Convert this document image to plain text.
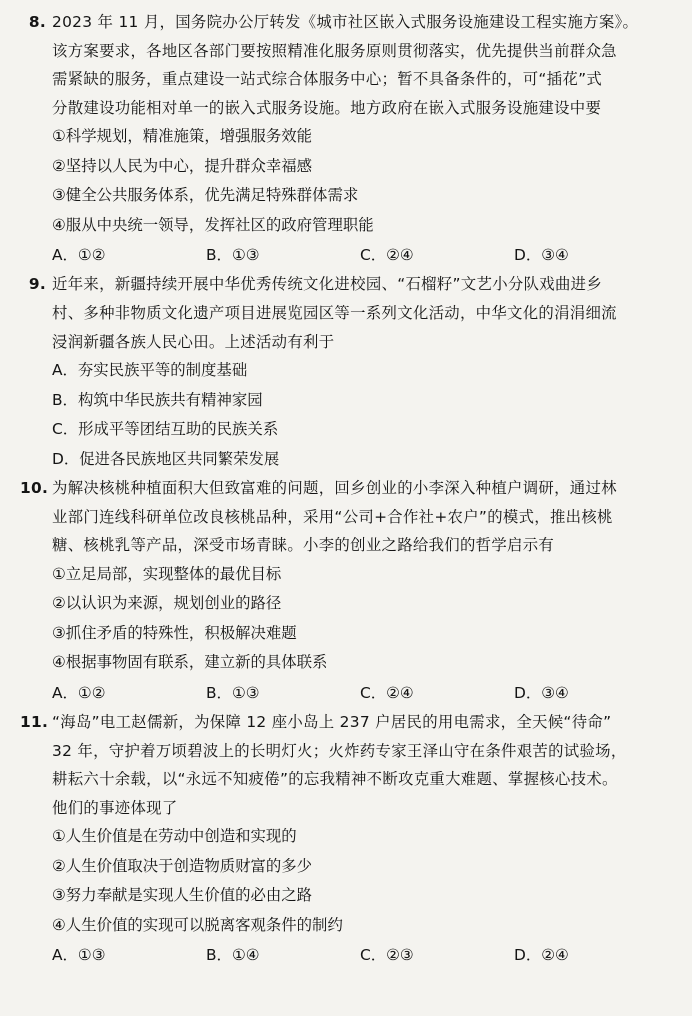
8. 2023 年 11 月，国务院办公厅转发《城市社区嵌入式服务设施建设工程实施方案》。
该方案要求，各地区各部门要按照精准化服务原则贯彻落实，优先提供当前群众急
需紧缺的服务，重点建设一站式综合体服务中心；暂不具备条件的，可“插花”式
分散建设功能相对单一的嵌入式服务设施。地方政府在嵌入式服务设施建设中要
①科学规划，精准施策，增强服务效能
②坚持以人民为中心，提升群众幸福感
③健全公共服务体系，优先满足特殊群体需求
④服从中央统一领导，发挥社区的政府管理职能
A．①②	B．①③	C．②④	D．③④
9. 近年来，新疆持续开展中华优秀传统文化进校园、“石榴籽”文艺小分队戏曲进乡
村、多种非物质文化遗产项目进展览园区等一系列文化活动，中华文化的涓涓细流
浸润新疆各族人民心田。上述活动有利于
A．夯实民族平等的制度基础
B．构筑中华民族共有精神家园
C．形成平等团结互助的民族关系
D．促进各民族地区共同繁荣发展
10. 为解决核桃种植面积大但致富难的问题，回乡创业的小李深入种植户调研，通过林
业部门连线科研单位改良核桃品种，采用“公司+合作社+农户”的模式，推出核桃
糖、核桃乳等产品，深受市场青睐。小李的创业之路给我们的哲学启示有
①立足局部，实现整体的最优目标
②以认识为来源，规划创业的路径
③抓住矛盾的特殊性，积极解决难题
④根据事物固有联系，建立新的具体联系
A．①②	B．①③	C．②④	D．③④
11. “海岛”电工赵儒新，为保障 12 座小岛上 237 户居民的用电需求，全天候“待命”
32 年，守护着万顷碧波上的长明灯火；火炸药专家王泽山守在条件艰苦的试验场，
耕耘六十余载，以“永远不知疲倦”的忘我精神不断攻克重大难题、掌握核心技术。
他们的事迹体现了
①人生价值是在劳动中创造和实现的
②人生价值取决于创造物质财富的多少
③努力奉献是实现人生价值的必由之路
④人生价值的实现可以脱离客观条件的制约
A．①③	B．①④	C．②③	D．②④
